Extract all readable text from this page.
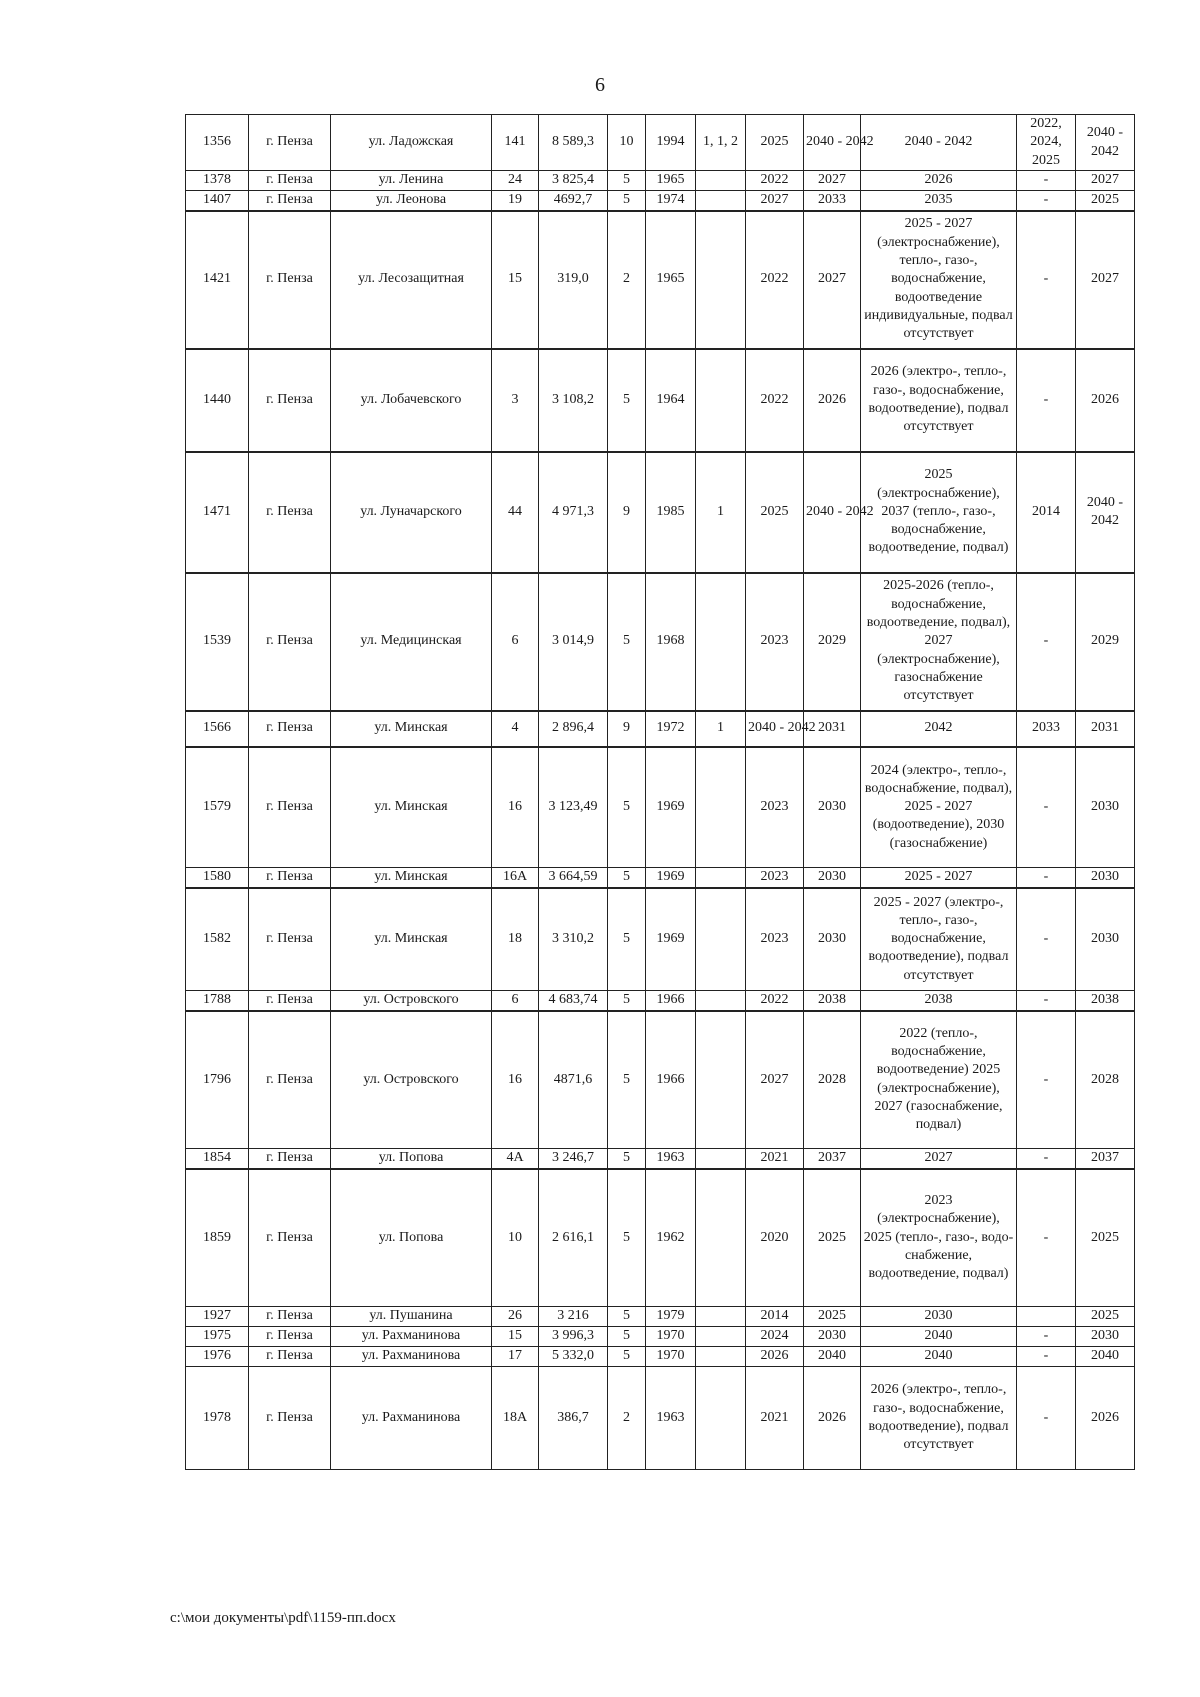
6
1356	г. Пенза	ул. Ладожская	141	8 589,3	10	1994	1, 1, 2	2025	2040 - 2042	2040 - 2042	2022, 2024, 2025	2040 - 2042
1378	г. Пенза	ул. Ленина	24	3 825,4	5	1965		2022	2027	2026	-	2027
1407	г. Пенза	ул. Леонова	19	4692,7	5	1974		2027	2033	2035	-	2025
1421	г. Пенза	ул. Лесозащитная	15	319,0	2	1965		2022	2027	2025 - 2027 (электроснабжение), тепло-, газо-, водоснабжение, водоотведение индивидуальные, подвал отсутствует	-	2027
1440	г. Пенза	ул. Лобачевского	3	3 108,2	5	1964		2022	2026	2026 (электро-, тепло-, газо-, водоснабжение, водоотведение), подвал отсутствует	-	2026
1471	г. Пенза	ул. Луначарского	44	4 971,3	9	1985	1	2025	2040 - 2042	2025 (электроснабжение), 2037 (тепло-, газо-, водоснабжение, водоотведение, подвал)	2014	2040 - 2042
1539	г. Пенза	ул. Медицинская	6	3 014,9	5	1968		2023	2029	2025-2026 (тепло-, водоснабжение, водоотведение, подвал), 2027 (электроснабжение), газоснабжение отсутствует	-	2029
1566	г. Пенза	ул. Минская	4	2 896,4	9	1972	1	2040 - 2042	2031	2042	2033	2031
1579	г. Пенза	ул. Минская	16	3 123,49	5	1969		2023	2030	2024 (электро-, тепло-, водоснабжение, подвал), 2025 - 2027 (водоотведение), 2030 (газоснабжение)	-	2030
1580	г. Пенза	ул. Минская	16А	3 664,59	5	1969		2023	2030	2025 - 2027	-	2030
1582	г. Пенза	ул. Минская	18	3 310,2	5	1969		2023	2030	2025 - 2027 (электро-, тепло-, газо-, водоснабжение, водоотведение), подвал отсутствует	-	2030
1788	г. Пенза	ул. Островского	6	4 683,74	5	1966		2022	2038	2038	-	2038
1796	г. Пенза	ул. Островского	16	4871,6	5	1966		2027	2028	2022 (тепло-, водоснабжение, водоотведение) 2025 (электроснабжение), 2027 (газоснабжение, подвал)	-	2028
1854	г. Пенза	ул. Попова	4А	3 246,7	5	1963		2021	2037	2027	-	2037
1859	г. Пенза	ул. Попова	10	2 616,1	5	1962		2020	2025	2023 (электроснабжение), 2025 (тепло-, газо-, водо- снабжение, водоотведение, подвал)	-	2025
1927	г. Пенза	ул. Пушанина	26	3 216	5	1979		2014	2025	2030		2025
1975	г. Пенза	ул. Рахманинова	15	3 996,3	5	1970		2024	2030	2040	-	2030
1976	г. Пенза	ул. Рахманинова	17	5 332,0	5	1970		2026	2040	2040	-	2040
1978	г. Пенза	ул. Рахманинова	18А	386,7	2	1963		2021	2026	2026 (электро-, тепло-, газо-, водоснабжение, водоотведение), подвал отсутствует	-	2026
c:\мои документы\pdf\1159-пп.docx
